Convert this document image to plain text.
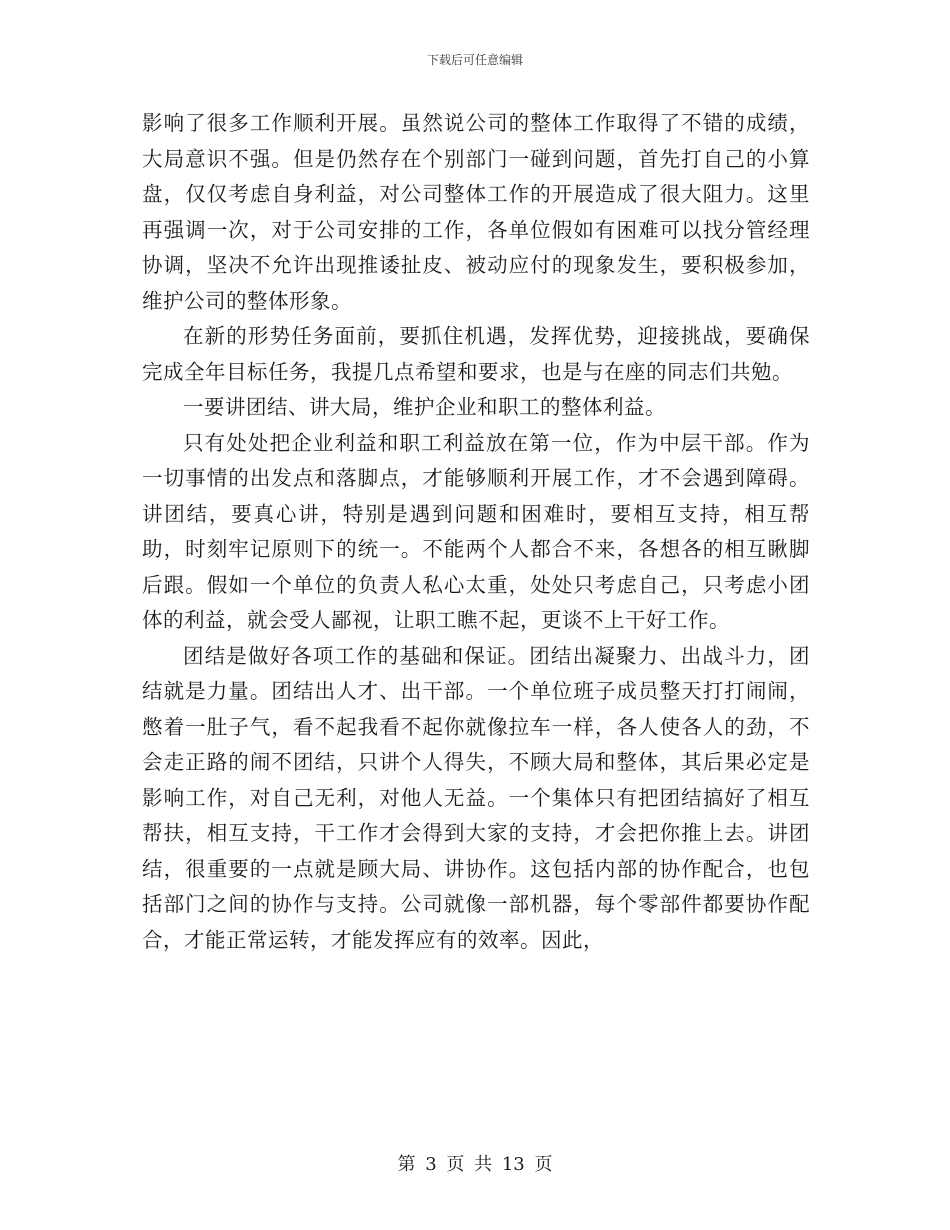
下载后可任意编辑

影响了很多工作顺利开展。虽然说公司的整体工作取得了不错的成绩，大局意识不强。但是仍然存在个别部门一碰到问题，首先打自己的小算盘，仅仅考虑自身利益，对公司整体工作的开展造成了很大阻力。这里再强调一次，对于公司安排的工作，各单位假如有困难可以找分管经理协调，坚决不允许出现推诿扯皮、被动应付的现象发生，要积极参加，维护公司的整体形象。

在新的形势任务面前，要抓住机遇，发挥优势，迎接挑战，要确保完成全年目标任务，我提几点希望和要求，也是与在座的同志们共勉。

一要讲团结、讲大局，维护企业和职工的整体利益。

只有处处把企业利益和职工利益放在第一位，作为中层干部。作为一切事情的出发点和落脚点，才能够顺利开展工作，才不会遇到障碍。讲团结，要真心讲，特别是遇到问题和困难时，要相互支持，相互帮助，时刻牢记原则下的统一。不能两个人都合不来，各想各的相互瞅脚后跟。假如一个单位的负责人私心太重，处处只考虑自己，只考虑小团体的利益，就会受人鄙视，让职工瞧不起，更谈不上干好工作。

团结是做好各项工作的基础和保证。团结出凝聚力、出战斗力，团结就是力量。团结出人才、出干部。一个单位班子成员整天打打闹闹，憋着一肚子气，看不起我看不起你就像拉车一样，各人使各人的劲，不会走正路的闹不团结，只讲个人得失，不顾大局和整体，其后果必定是影响工作，对自己无利，对他人无益。一个集体只有把团结搞好了相互帮扶，相互支持，干工作才会得到大家的支持，才会把你推上去。讲团结，很重要的一点就是顾大局、讲协作。这包括内部的协作配合，也包括部门之间的协作与支持。公司就像一部机器，每个零部件都要协作配合，才能正常运转，才能发挥应有的效率。因此，

第 3 页 共 13 页
